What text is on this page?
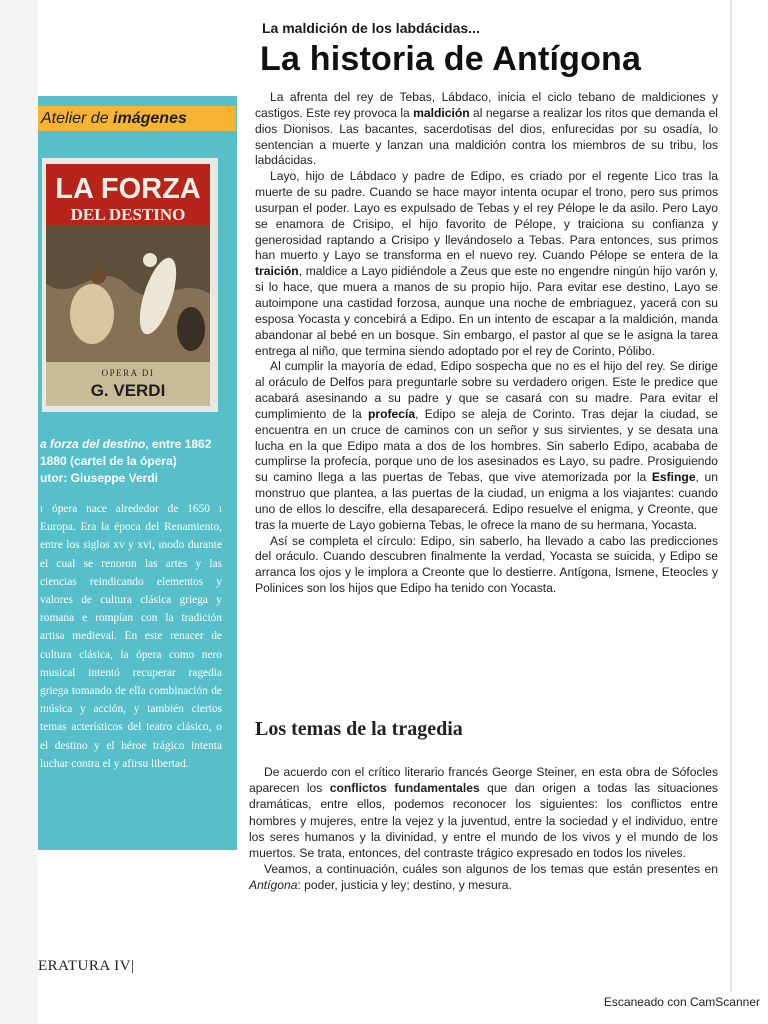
Atelier de imágenes
LA FORZA
DEL DESTINO
OPERA DI
G. VERDI
a forza del destino, entre 1862
1880 (cartel de la ópera)
utor: Giuseppe Verdi
ı ópera nace alrededor de 1650 ı Europa. Era la época del Renamiento, entre los siglos xv y xvi, ınodo durante el cual se renoron las artes y las ciencias reindicando elementos y valores de cultura clásica griega y romana e rompían con la tradición artisa medieval. En este renacer de cultura clásica, la ópera como nero musical intentó recuperar ragedia griega tomando de ella combinación de música y acción, y también ciertos temas acterísticos del teatro clásico, o el destino y el héroe trágico intenta luchar contra el y afirsu libertad.
La maldición de los labdácidas...
La historia de Antígona

La afrenta del rey de Tebas, Lábdaco, inicia el ciclo tebano de maldiciones y castigos. Este rey provoca la maldición al negarse a realizar los ritos que demanda el dios Dionisos. Las bacantes, sacerdotisas del dios, enfurecidas por su osadía, lo sentencian a muerte y lanzan una maldición contra los miembros de su tribu, los labdácidas.

Layo, hijo de Lábdaco y padre de Edipo, es criado por el regente Lico tras la muerte de su padre. Cuando se hace mayor intenta ocupar el trono, pero sus primos usurpan el poder. Layo es expulsado de Tebas y el rey Pélope le da asilo. Pero Layo se enamora de Crisipo, el hijo favorito de Pélope, y traiciona su confianza y generosidad raptando a Crisipo y llevándoselo a Tebas. Para entonces, sus primos han muerto y Layo se transforma en el nuevo rey. Cuando Pélope se entera de la traición, maldice a Layo pidiéndole a Zeus que este no engendre ningún hijo varón y, si lo hace, que muera a manos de su propio hijo. Para evitar ese destino, Layo se autoimpone una castidad forzosa, aunque una noche de embriaguez, yacerá con su esposa Yocasta y concebirá a Edipo. En un intento de escapar a la maldición, manda abandonar al bebé en un bosque. Sin embargo, el pastor al que se le asigna la tarea entrega al niño, que termina siendo adoptado por el rey de Corinto, Pólibo.

Al cumplir la mayoría de edad, Edipo sospecha que no es el hijo del rey. Se dirige al oráculo de Delfos para preguntarle sobre su verdadero origen. Este le predice que acabará asesinando a su padre y que se casará con su madre. Para evitar el cumplimiento de la profecía, Edipo se aleja de Corinto. Tras dejar la ciudad, se encuentra en un cruce de caminos con un señor y sus sirvientes, y se desata una lucha en la que Edipo mata a dos de los hombres. Sin saberlo Edipo, acababa de cumplirse la profecía, porque uno de los asesinados es Layo, su padre. Prosiguiendo su camino llega a las puertas de Tebas, que vive atemorizada por la Esfinge, un monstruo que plantea, a las puertas de la ciudad, un enigma a los viajantes: cuando uno de ellos lo descifre, ella desaparecerá. Edipo resuelve el enigma, y Creonte, que tras la muerte de Layo gobierna Tebas, le ofrece la mano de su hermana, Yocasta.

Así se completa el círculo: Edipo, sin saberlo, ha llevado a cabo las predicciones del oráculo. Cuando descubren finalmente la verdad, Yocasta se suicida, y Edipo se arranca los ojos y le implora a Creonte que lo destierre. Antígona, Ismene, Eteocles y Polinices son los hijos que Edipo ha tenido con Yocasta.

Los temas de la tragedia

De acuerdo con el crítico literario francés George Steiner, en esta obra de Sófocles aparecen los conflictos fundamentales que dan origen a todas las situaciones dramáticas, entre ellos, podemos reconocer los siguientes: los conflictos entre hombres y mujeres, entre la vejez y la juventud, entre la sociedad y el individuo, entre los seres humanos y la divinidad, y entre el mundo de los vivos y el mundo de los muertos. Se trata, entonces, del contraste trágico expresado en todos los niveles.

Veamos, a continuación, cuáles son algunos de los temas que están presentes en Antígona: poder, justicia y ley; destino, y mesura.

ERATURA IV|
Escaneado con CamScanner
